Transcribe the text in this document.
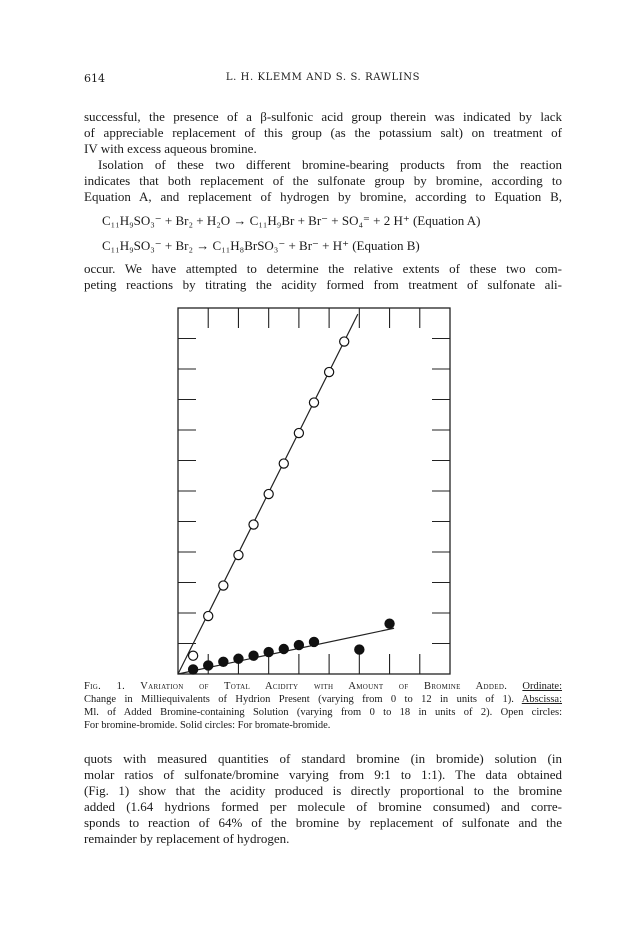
614	L. H. KLEMM AND S. S. RAWLINS
successful, the presence of a β-sulfonic acid group therein was indicated by lack
of appreciable replacement of this group (as the potassium salt) on treatment of
IV with excess aqueous bromine.
Isolation of these two different bromine-bearing products from the reaction
indicates that both replacement of the sulfonate group by bromine, according to
Equation A, and replacement of hydrogen by bromine, according to Equation B,
C₁₁H₉SO₃⁻ + Br₂ + H₂O → C₁₁H₉Br + Br⁻ + SO₄⁼ + 2 H⁺ (Equation A)
C₁₁H₉SO₃⁻ + Br₂ → C₁₁H₈BrSO₃⁻ + Br⁻ + H⁺ (Equation B)
occur. We have attempted to determine the relative extents of these two com-
peting reactions by titrating the acidity formed from treatment of sulfonate ali-
Fig. 1. Variation of Total Acidity with Amount of Bromine Added. Ordinate:
Change in Milliequivalents of Hydrion Present (varying from 0 to 12 in units of 1). Abscissa:
Ml. of Added Bromine-containing Solution (varying from 0 to 18 in units of 2). Open circles:
For bromine-bromide. Solid circles: For bromate-bromide.
quots with measured quantities of standard bromine (in bromide) solution (in
molar ratios of sulfonate/bromine varying from 9:1 to 1:1). The data obtained
(Fig. 1) show that the acidity produced is directly proportional to the bromine
added (1.64 hydrions formed per molecule of bromine consumed) and corre-
sponds to reaction of 64% of the bromine by replacement of sulfonate and the
remainder by replacement of hydrogen.
